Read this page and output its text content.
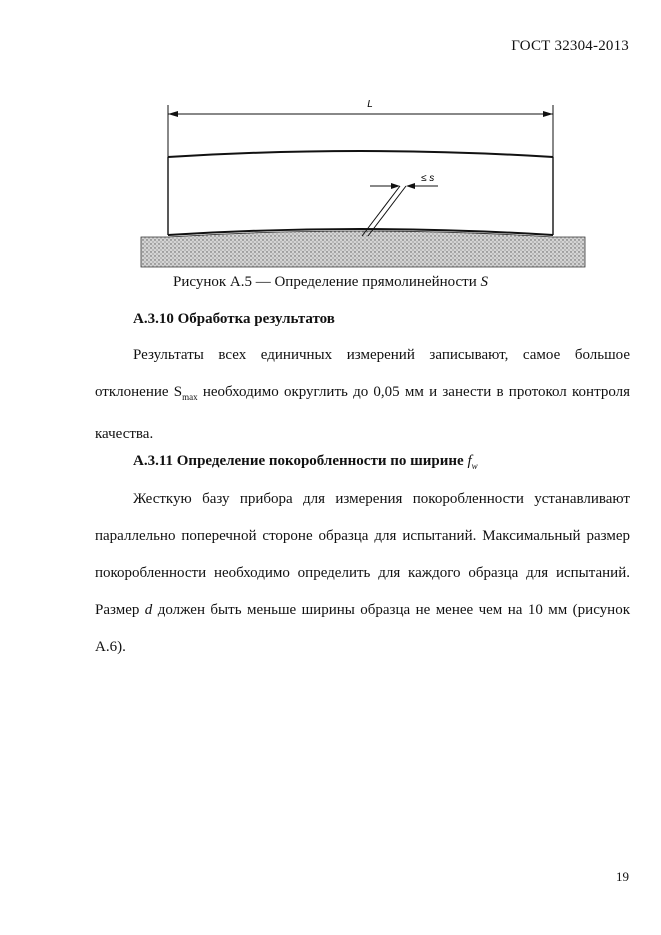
ГОСТ 32304-2013
L
≤ s
Рисунок А.5 — Определение прямолинейности S
А.3.10 Обработка результатов
Результаты всех единичных измерений записывают, самое большое отклонение $S_{max}$ необходимо округлить до 0,05 мм и занести в протокол контроля качества.
А.3.11 Определение покоробленности по ширине $f_w$
Жесткую базу прибора для измерения покоробленности устанавливают параллельно поперечной стороне образца для испытаний. Максимальный размер покоробленности необходимо определить для каждого образца для испытаний. Размер d должен быть меньше ширины образца не менее чем на 10 мм (рисунок А.6).
19
